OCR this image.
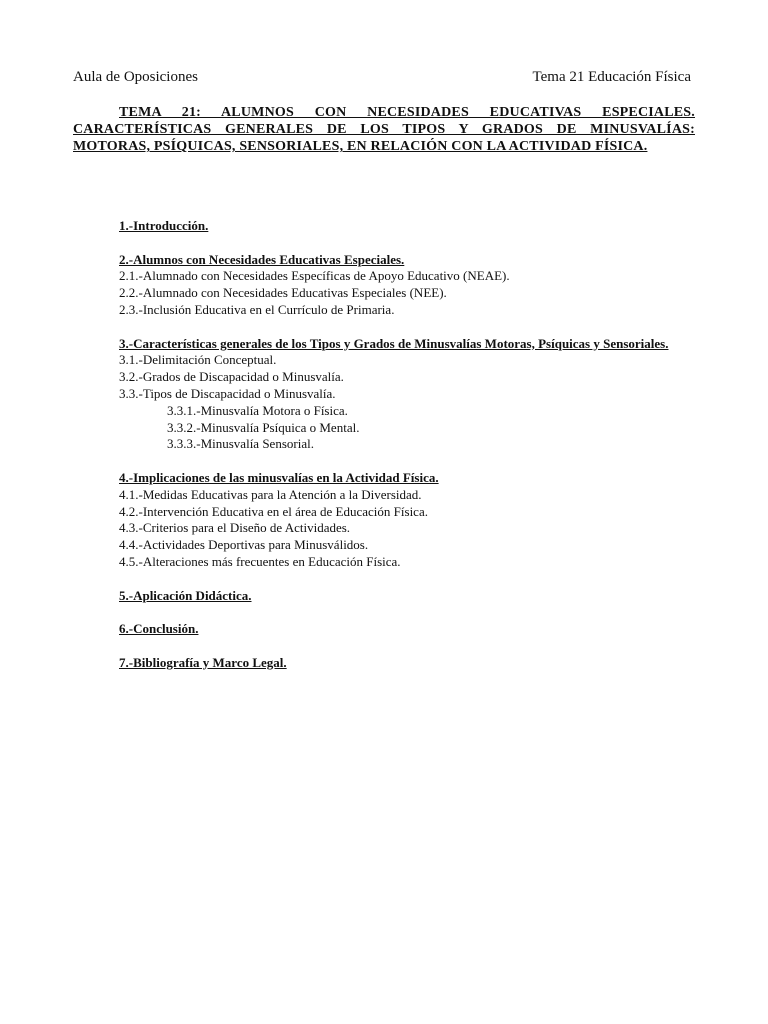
Aula de Oposiciones	Tema 21 Educación Física
TEMA 21: ALUMNOS CON NECESIDADES EDUCATIVAS ESPECIALES. CARACTERÍSTICAS GENERALES DE LOS TIPOS Y GRADOS DE MINUSVALÍAS: MOTORAS, PSÍQUICAS, SENSORIALES, EN RELACIÓN CON LA ACTIVIDAD FÍSICA.
1.-Introducción.
2.-Alumnos con Necesidades Educativas Especiales.
2.1.-Alumnado con Necesidades Específicas de Apoyo Educativo (NEAE).
2.2.-Alumnado con Necesidades Educativas Especiales (NEE).
2.3.-Inclusión Educativa en el Currículo de Primaria.
3.-Características generales de los Tipos y Grados de Minusvalías Motoras, Psíquicas y Sensoriales.
3.1.-Delimitación Conceptual.
3.2.-Grados de Discapacidad o Minusvalía.
3.3.-Tipos de Discapacidad o Minusvalía.
3.3.1.-Minusvalía Motora o Física.
3.3.2.-Minusvalía Psíquica o Mental.
3.3.3.-Minusvalía Sensorial.
4.-Implicaciones de las minusvalías en la Actividad Física.
4.1.-Medidas Educativas para la Atención a la Diversidad.
4.2.-Intervención Educativa en el área de Educación Física.
4.3.-Criterios para el Diseño de Actividades.
4.4.-Actividades Deportivas para Minusválidos.
4.5.-Alteraciones más frecuentes en Educación Física.
5.-Aplicación Didáctica.
6.-Conclusión.
7.-Bibliografía y Marco Legal.
